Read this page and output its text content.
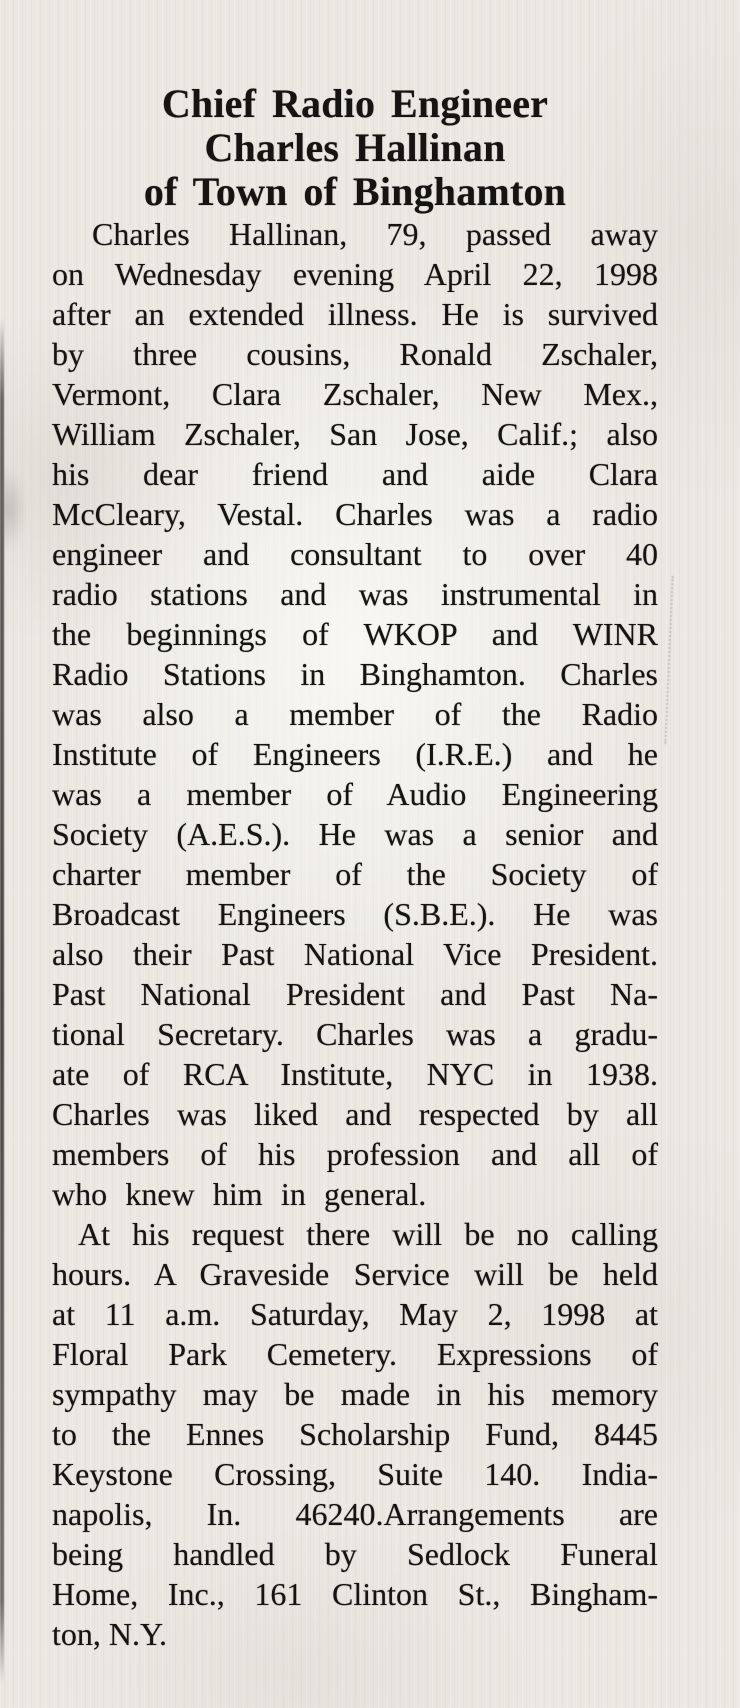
Chief Radio Engineer
Charles Hallinan
of Town of Binghamton
Charles Hallinan, 79, passed away
on Wednesday evening April 22, 1998
after an extended illness. He is survived
by three cousins, Ronald Zschaler,
Vermont, Clara Zschaler, New Mex.,
William Zschaler, San Jose, Calif.; also
his dear friend and aide Clara
McCleary, Vestal. Charles was a radio
engineer and consultant to over 40
radio stations and was instrumental in
the beginnings of WKOP and WINR
Radio Stations in Binghamton. Charles
was also a member of the Radio
Institute of Engineers (I.R.E.) and he
was a member of Audio Engineering
Society (A.E.S.). He was a senior and
charter member of the Society of
Broadcast Engineers (S.B.E.). He was
also their Past National Vice President.
Past National President and Past Na-
tional Secretary. Charles was a gradu-
ate of RCA Institute, NYC in 1938.
Charles was liked and respected by all
members of his profession and all of
who knew him in general.
At his request there will be no calling
hours. A Graveside Service will be held
at 11 a.m. Saturday, May 2, 1998 at
Floral Park Cemetery. Expressions of
sympathy may be made in his memory
to the Ennes Scholarship Fund, 8445
Keystone Crossing, Suite 140. India-
napolis, In. 46240.Arrangements are
being handled by Sedlock Funeral
Home, Inc., 161 Clinton St., Bingham-
ton, N.Y.
